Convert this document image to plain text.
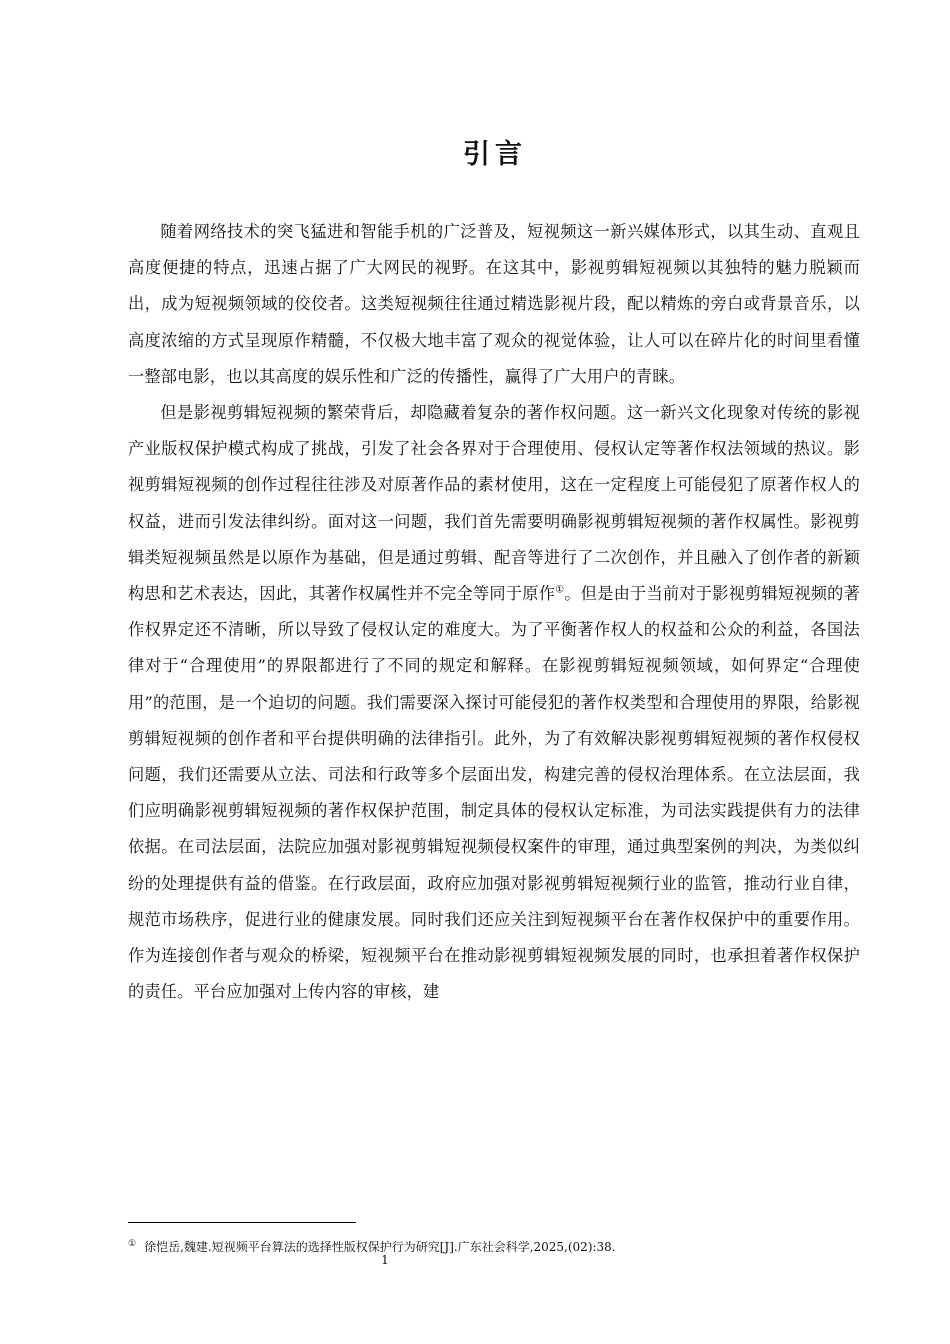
引言

随着网络技术的突飞猛进和智能手机的广泛普及，短视频这一新兴媒体形式，以其生动、直观且高度便捷的特点，迅速占据了广大网民的视野。在这其中，影视剪辑短视频以其独特的魅力脱颖而出，成为短视频领域的佼佼者。这类短视频往往通过精选影视片段，配以精炼的旁白或背景音乐，以高度浓缩的方式呈现原作精髓，不仅极大地丰富了观众的视觉体验，让人可以在碎片化的时间里看懂一整部电影，也以其高度的娱乐性和广泛的传播性，赢得了广大用户的青睐。

但是影视剪辑短视频的繁荣背后，却隐藏着复杂的著作权问题。这一新兴文化现象对传统的影视产业版权保护模式构成了挑战，引发了社会各界对于合理使用、侵权认定等著作权法领域的热议。影视剪辑短视频的创作过程往往涉及对原著作品的素材使用，这在一定程度上可能侵犯了原著作权人的权益，进而引发法律纠纷。面对这一问题，我们首先需要明确影视剪辑短视频的著作权属性。影视剪辑类短视频虽然是以原作为基础，但是通过剪辑、配音等进行了二次创作，并且融入了创作者的新颖构思和艺术表达，因此，其著作权属性并不完全等同于原作①。但是由于当前对于影视剪辑短视频的著作权界定还不清晰，所以导致了侵权认定的难度大。为了平衡著作权人的权益和公众的利益，各国法律对于“合理使用”的界限都进行了不同的规定和解释。在影视剪辑短视频领域，如何界定“合理使用”的范围，是一个迫切的问题。我们需要深入探讨可能侵犯的著作权类型和合理使用的界限，给影视剪辑短视频的创作者和平台提供明确的法律指引。此外，为了有效解决影视剪辑短视频的著作权侵权问题，我们还需要从立法、司法和行政等多个层面出发，构建完善的侵权治理体系。在立法层面，我们应明确影视剪辑短视频的著作权保护范围，制定具体的侵权认定标准，为司法实践提供有力的法律依据。在司法层面，法院应加强对影视剪辑短视频侵权案件的审理，通过典型案例的判决，为类似纠纷的处理提供有益的借鉴。在行政层面，政府应加强对影视剪辑短视频行业的监管，推动行业自律，规范市场秩序，促进行业的健康发展。同时我们还应关注到短视频平台在著作权保护中的重要作用。作为连接创作者与观众的桥梁，短视频平台在推动影视剪辑短视频发展的同时，也承担着著作权保护的责任。平台应加强对上传内容的审核，建

① 徐恺岳,魏建.短视频平台算法的选择性版权保护行为研究[J].广东社会科学,2025,(02):38.
1
